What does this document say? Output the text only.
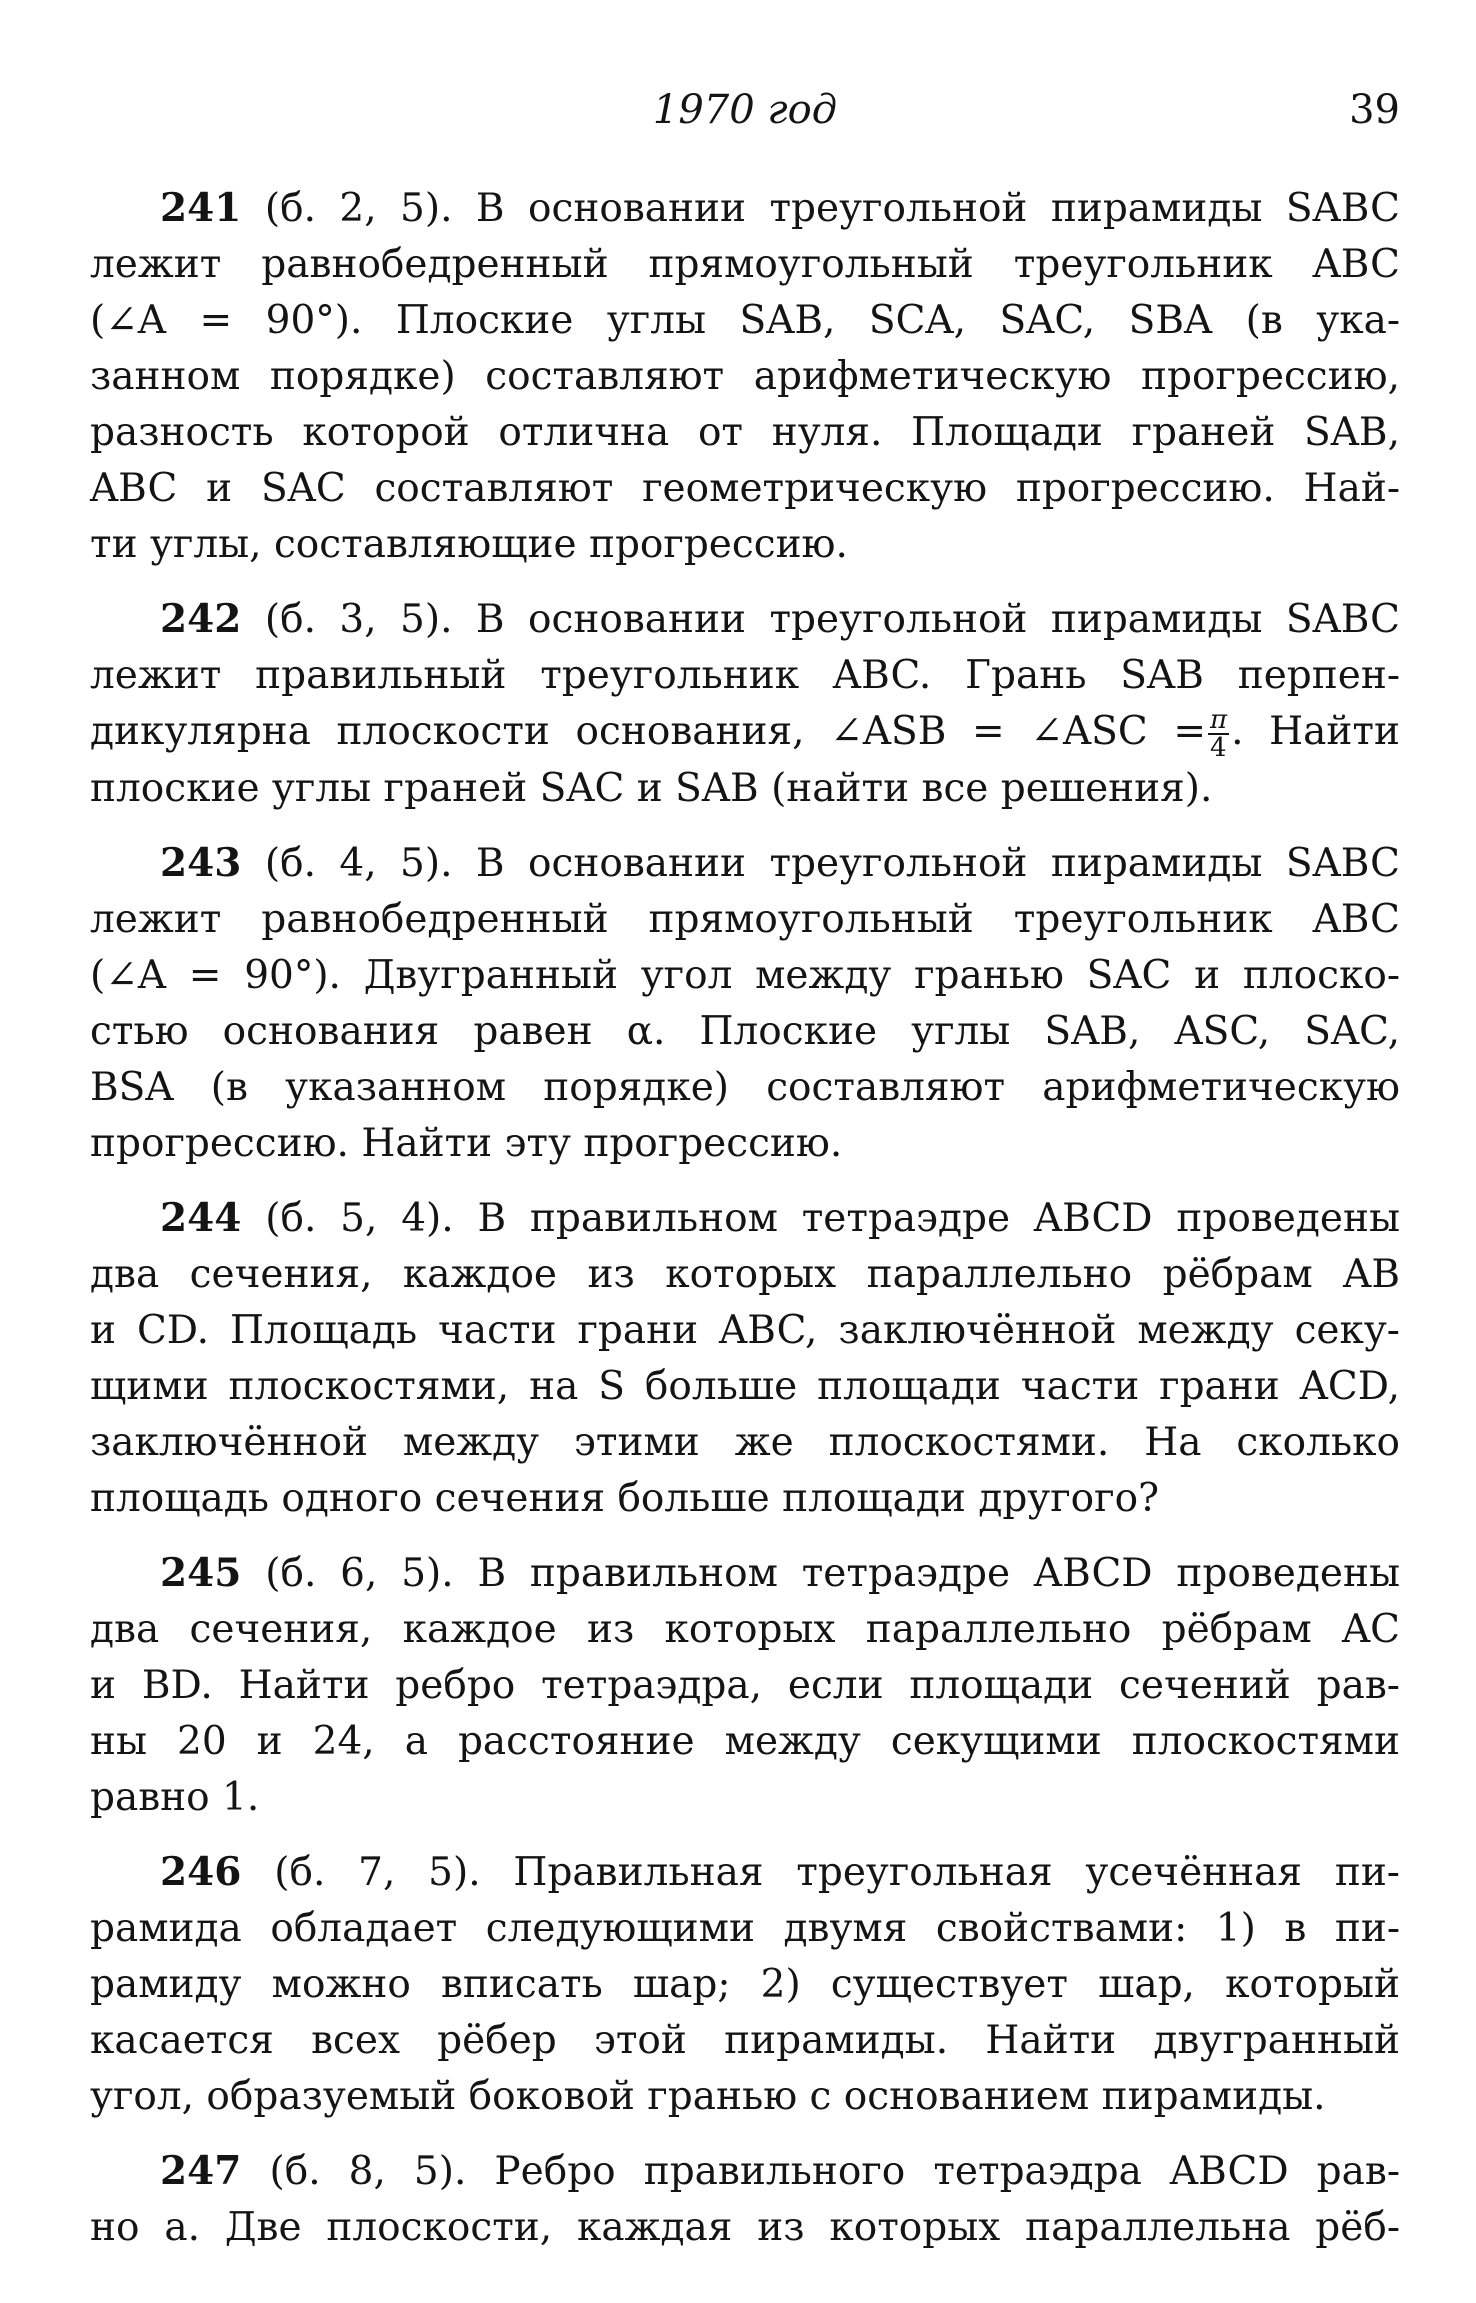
1970 год	39
241 (б. 2, 5). В основании треугольной пирамиды SABC
лежит равнобедренный прямоугольный треугольник ABC
(∠A = 90°). Плоские углы SAB, SCA, SAC, SBA (в ука-
занном порядке) составляют арифметическую прогрессию,
разность которой отлична от нуля. Площади граней SAB,
ABC и SAC составляют геометрическую прогрессию. Най-
ти углы, составляющие прогрессию.
242 (б. 3, 5). В основании треугольной пирамиды SABC
лежит правильный треугольник ABC. Грань SAB перпен-
дикулярна плоскости основания, ∠ASB = ∠ASC = $\frac{\pi}{4}$ . Найти
плоские углы граней SAC и SAB (найти все решения).
243 (б. 4, 5). В основании треугольной пирамиды SABC
лежит равнобедренный прямоугольный треугольник ABC
(∠A = 90°). Двугранный угол между гранью SAC и плоско-
стью основания равен α. Плоские углы SAB, ASC, SAC,
BSA (в указанном порядке) составляют арифметическую
прогрессию. Найти эту прогрессию.
244 (б. 5, 4). В правильном тетраэдре ABCD проведены
два сечения, каждое из которых параллельно рёбрам AB
и CD. Площадь части грани ABC, заключённой между секу-
щими плоскостями, на S больше площади части грани ACD,
заключённой между этими же плоскостями. На сколько
площадь одного сечения больше площади другого?
245 (б. 6, 5). В правильном тетраэдре ABCD проведены
два сечения, каждое из которых параллельно рёбрам AC
и BD. Найти ребро тетраэдра, если площади сечений рав-
ны 20 и 24, а расстояние между секущими плоскостями
равно 1.
246 (б. 7, 5). Правильная треугольная усечённая пи-
рамида обладает следующими двумя свойствами: 1) в пи-
рамиду можно вписать шар; 2) существует шар, который
касается всех рёбер этой пирамиды. Найти двугранный
угол, образуемый боковой гранью с основанием пирамиды.
247 (б. 8, 5). Ребро правильного тетраэдра ABCD рав-
но a. Две плоскости, каждая из которых параллельна рёб-
